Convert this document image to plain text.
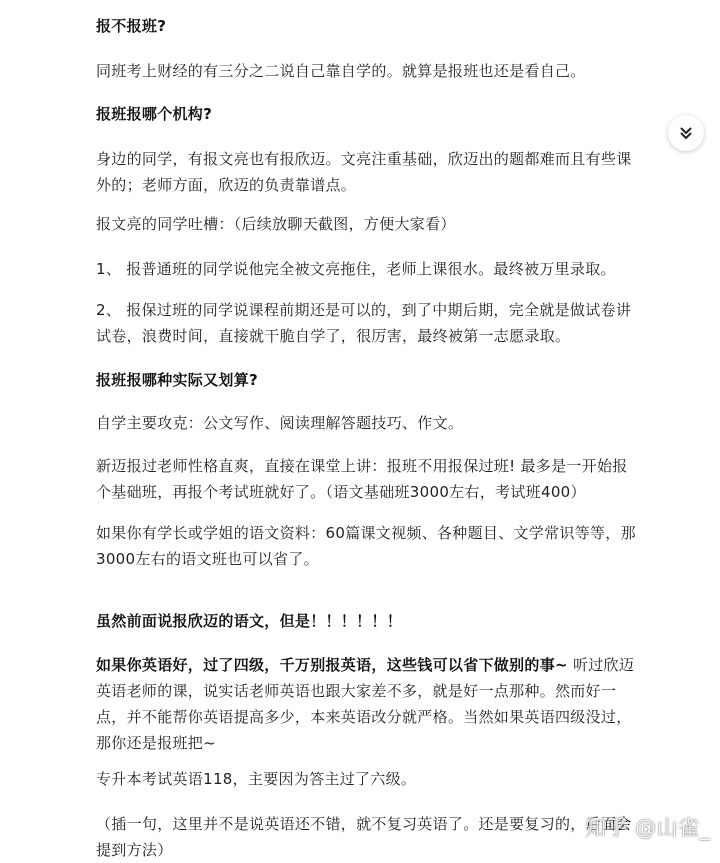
报不报班?

同班考上财经的有三分之二说自己靠自学的。就算是报班也还是看自己。

报班报哪个机构?

身边的同学，有报文亮也有报欣迈。文亮注重基础，欣迈出的题都难而且有些课外的；老师方面，欣迈的负责靠谱点。

报文亮的同学吐槽：（后续放聊天截图，方便大家看）

1、 报普通班的同学说他完全被文亮拖住，老师上课很水。最终被万里录取。

2、 报保过班的同学说课程前期还是可以的，到了中期后期，完全就是做试卷讲试卷，浪费时间，直接就干脆自学了，很厉害，最终被第一志愿录取。

报班报哪种实际又划算?

自学主要攻克：公文写作、阅读理解答题技巧、作文。

新迈报过老师性格直爽，直接在课堂上讲：报班不用报保过班! 最多是一开始报个基础班，再报个考试班就好了。（语文基础班3000左右，考试班400）

如果你有学长或学姐的语文资料：60篇课文视频、各种题目、文学常识等等，那3000左右的语文班也可以省了。

虽然前面说报欣迈的语文，但是！！！！！！

如果你英语好，过了四级，千万别报英语，这些钱可以省下做别的事~ 听过欣迈英语老师的课，说实话老师英语也跟大家差不多，就是好一点那种。然而好一点，并不能帮你英语提高多少，本来英语改分就严格。当然如果英语四级没过，那你还是报班把~

专升本考试英语118，主要因为答主过了六级。

（插一句，这里并不是说英语还不错，就不复习英语了。还是要复习的，后面会提到方法）

知乎 @山雀_
